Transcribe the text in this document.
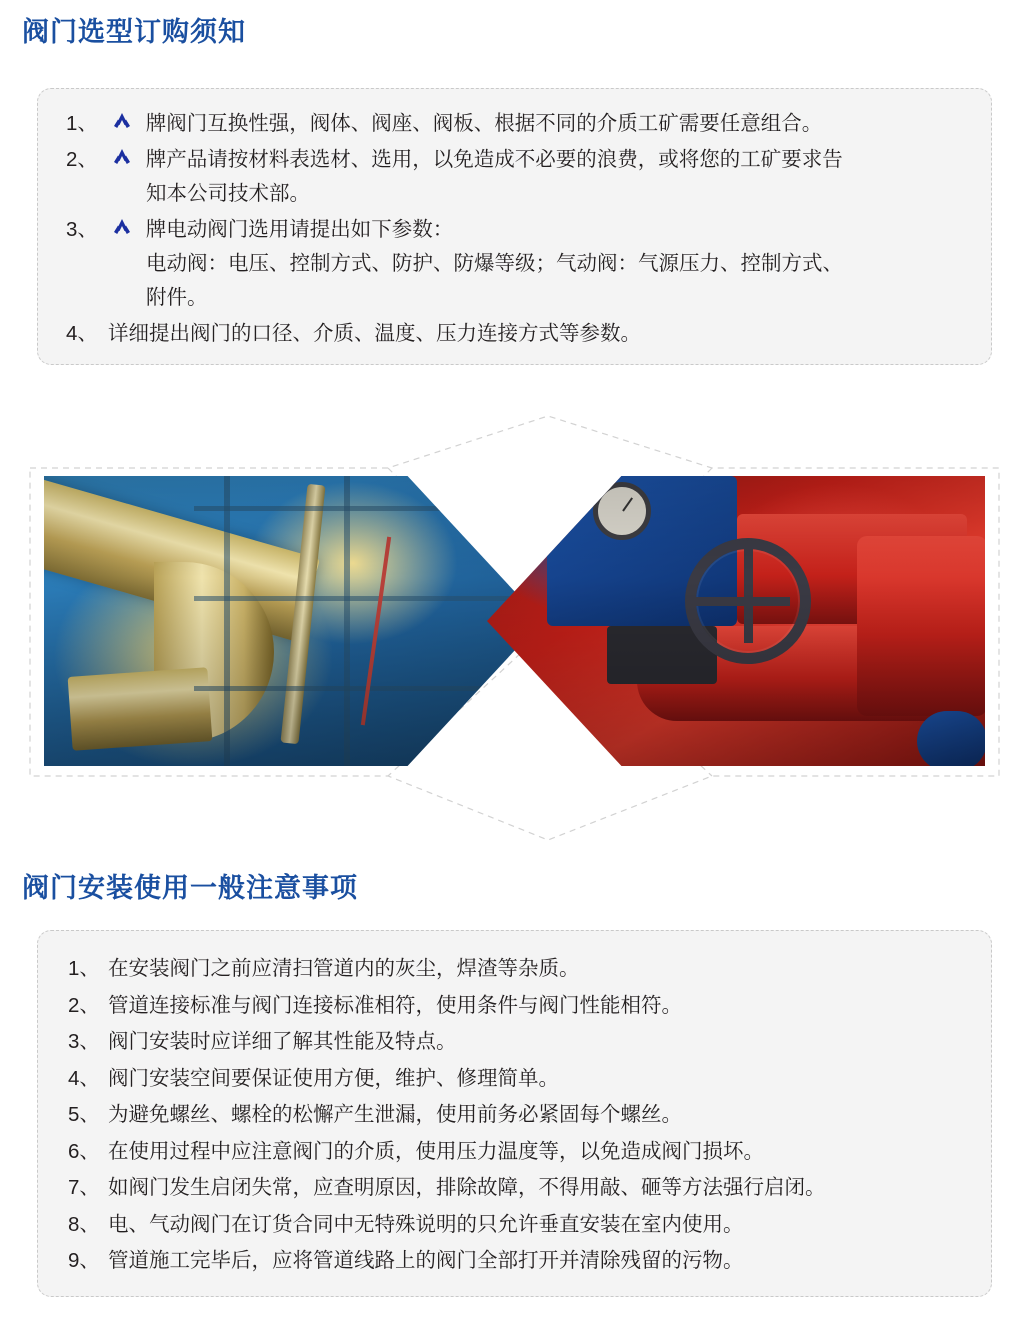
阀门选型订购须知
1、	牌阀门互换性强，阀体、阀座、阀板、根据不同的介质工矿需要任意组合。
2、	牌产品请按材料表选材、选用，以免造成不必要的浪费，或将您的工矿要求告
知本公司技术部。
3、	牌电动阀门选用请提出如下参数：
电动阀：电压、控制方式、防护、防爆等级；气动阀：气源压力、控制方式、
附件。
4、 详细提出阀门的口径、介质、温度、压力连接方式等参数。
阀门安装使用一般注意事项
1、 在安装阀门之前应清扫管道内的灰尘，焊渣等杂质。
2、 管道连接标准与阀门连接标准相符，使用条件与阀门性能相符。
3、 阀门安装时应详细了解其性能及特点。
4、 阀门安装空间要保证使用方便，维护、修理简单。
5、 为避免螺丝、螺栓的松懈产生泄漏，使用前务必紧固每个螺丝。
6、 在使用过程中应注意阀门的介质，使用压力温度等，以免造成阀门损坏。
7、 如阀门发生启闭失常，应查明原因，排除故障，不得用敲、砸等方法强行启闭。
8、 电、气动阀门在订货合同中无特殊说明的只允许垂直安装在室内使用。
9、 管道施工完毕后，应将管道线路上的阀门全部打开并清除残留的污物。
